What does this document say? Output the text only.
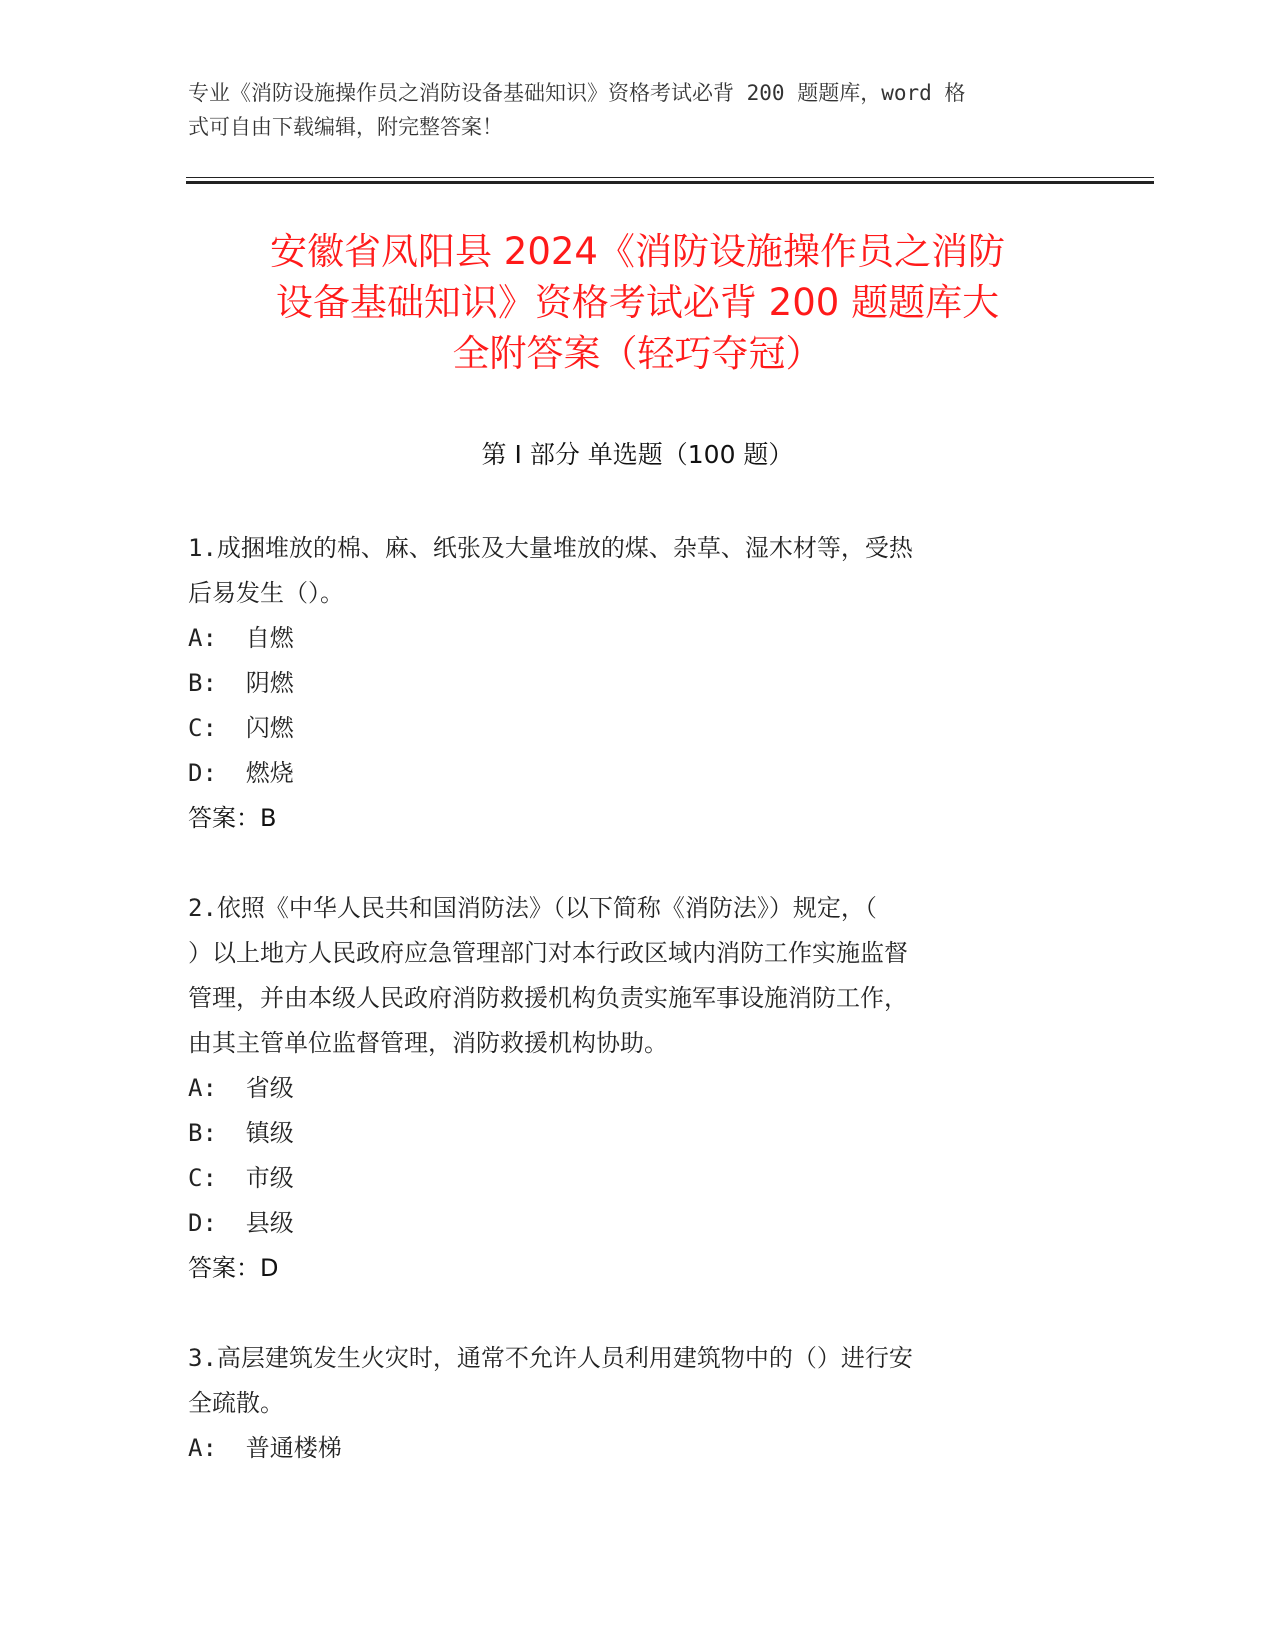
专业《消防设施操作员之消防设备基础知识》资格考试必背 200 题题库，word 格
式可自由下载编辑，附完整答案！
安徽省凤阳县 2024《消防设施操作员之消防
设备基础知识》资格考试必背 200 题题库大
全附答案（轻巧夺冠）
第 I 部分 单选题（100 题）
1.成捆堆放的棉、麻、纸张及大量堆放的煤、杂草、湿木材等，受热
后易发生（）。
A:  自燃
B:  阴燃
C:  闪燃
D:  燃烧
答案：B
2.依照《中华人民共和国消防法》（以下简称《消防法》）规定，（
）以上地方人民政府应急管理部门对本行政区域内消防工作实施监督
管理，并由本级人民政府消防救援机构负责实施军事设施消防工作，
由其主管单位监督管理，消防救援机构协助。
A:  省级
B:  镇级
C:  市级
D:  县级
答案：D
3.高层建筑发生火灾时，通常不允许人员利用建筑物中的（）进行安
全疏散。
A:  普通楼梯
